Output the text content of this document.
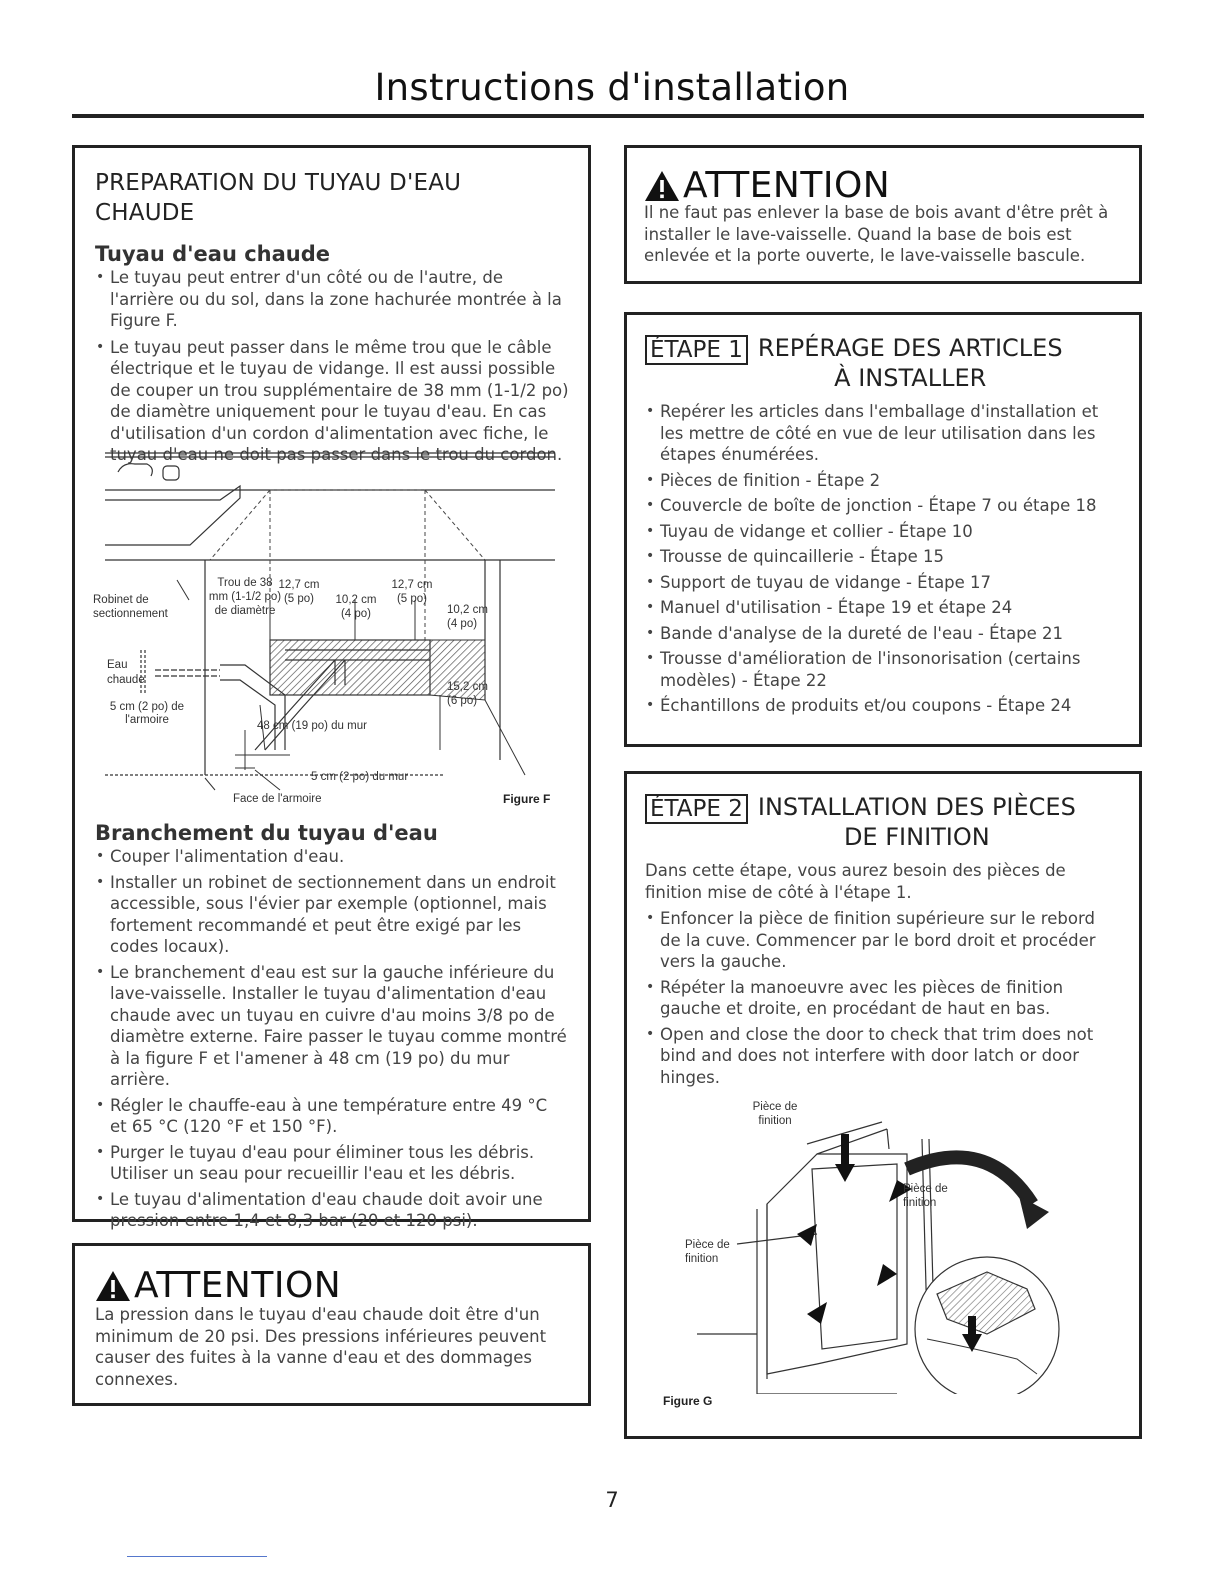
Instructions d'installation
PREPARATION DU TUYAU D'EAU CHAUDE
Tuyau d'eau chaude
• Le tuyau peut entrer d'un côté ou de l'autre, de l'arrière ou du sol, dans la zone hachurée montrée à la Figure F.
• Le tuyau peut passer dans le même trou que le câble électrique et le tuyau de vidange. Il est aussi possible de couper un trou supplémentaire de 38 mm (1-1/2 po) de diamètre uniquement pour le tuyau d'eau. En cas d'utilisation d'un cordon d'alimentation avec fiche, le tuyau d'eau ne doit pas passer dans le trou du cordon.
Robinet de sectionnement
Trou de 38 mm (1-1/2 po) de diamètre
12,7 cm (5 po)	10,2 cm (4 po)
12,7 cm (5 po)
10,2 cm (4 po)
Eau chaude
15,2 cm (6 po)
5 cm (2 po) de l'armoire	48 cm (19 po) du mur
5 cm (2 po) du mur
Face de l'armoire	Figure F
Branchement du tuyau d'eau
• Couper l'alimentation d'eau.
• Installer un robinet de sectionnement dans un endroit accessible, sous l'évier par exemple (optionnel, mais fortement recommandé et peut être exigé par les codes locaux).
• Le branchement d'eau est sur la gauche inférieure du lave-vaisselle. Installer le tuyau d'alimentation d'eau chaude avec un tuyau en cuivre d'au moins 3/8 po de diamètre externe. Faire passer le tuyau comme montré à la figure F et l'amener à 48 cm (19 po) du mur arrière.
• Régler le chauffe-eau à une température entre 49 °C et 65 °C (120 °F et 150 °F).
• Purger le tuyau d'eau pour éliminer tous les débris. Utiliser un seau pour recueillir l'eau et les débris.
• Le tuyau d'alimentation d'eau chaude doit avoir une pression entre 1,4 et 8,3 bar (20 et 120 psi).
ATTENTION
La pression dans le tuyau d'eau chaude doit être d'un minimum de 20 psi. Des pressions inférieures peuvent causer des fuites à la vanne d'eau et des dommages connexes.
ATTENTION
Il ne faut pas enlever la base de bois avant d'être prêt à installer le lave-vaisselle. Quand la base de bois est enlevée et la porte ouverte, le lave-vaisselle bascule.
ÉTAPE 1 REPÉRAGE DES ARTICLES
À INSTALLER
• Repérer les articles dans l'emballage d'installation et les mettre de côté en vue de leur utilisation dans les étapes énumérées.
• Pièces de finition - Étape 2
• Couvercle de boîte de jonction - Étape 7 ou étape 18
• Tuyau de vidange et collier - Étape 10
• Trousse de quincaillerie - Étape 15
• Support de tuyau de vidange - Étape 17
• Manuel d'utilisation - Étape 19 et étape 24
• Bande d'analyse de la dureté de l'eau - Étape 21
• Trousse d'amélioration de l'insonorisation (certains modèles) - Étape 22
• Échantillons de produits et/ou coupons - Étape 24
ÉTAPE 2 INSTALLATION DES PIÈCES
DE FINITION
Dans cette étape, vous aurez besoin des pièces de finition mise de côté à l'étape 1.
• Enfoncer la pièce de finition supérieure sur le rebord de la cuve. Commencer par le bord droit et procéder vers la gauche.
• Répéter la manoeuvre avec les pièces de finition gauche et droite, en procédant de haut en bas.
• Open and close the door to check that trim does not bind and does not interfere with door latch or door hinges.
Pièce de finition
Pièce de finition
Pièce de finition
Figure G
7
